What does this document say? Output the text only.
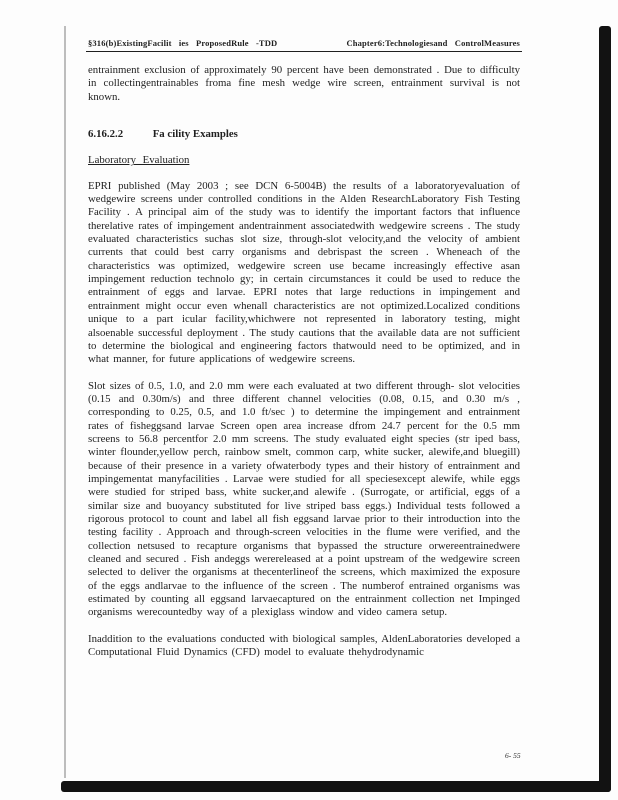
§316(b)ExistingFacilit ies ProposedRule -TDD	Chapter6:Technologiesand ControlMeasures

entrainment exclusion of approximately 90 percent have been demonstrated . Due to difficulty in collectingentrainables froma fine mesh wedge wire screen, entrainment survival is not known.

6.16.2.2	Fa cility Examples
Laboratory Evaluation

EPRI published (May 2003 ; see DCN 6-5004B) the results of a laboratoryevaluation of wedgewire screens under controlled conditions in the Alden ResearchLaboratory Fish Testing Facility . A principal aim of the study was to identify the important factors that influence therelative rates of impingement andentrainment associatedwith wedgewire screens . The study evaluated characteristics suchas slot size, through-slot velocity,and the velocity of ambient currents that could best carry organisms and debrispast the screen . Wheneach of the characteristics was optimized, wedgewire screen use became increasingly effective asan impingement reduction technolo gy; in certain circumstances it could be used to reduce the entrainment of eggs and larvae. EPRI notes that large reductions in impingement and entrainment might occur even whenall characteristics are not optimized.Localized conditions unique to a part icular facility,whichwere not represented in laboratory testing, might alsoenable successful deployment . The study cautions that the available data are not sufficient to determine the biological and engineering factors thatwould need to be optimized, and in what manner, for future applications of wedgewire screens.

Slot sizes of 0.5, 1.0, and 2.0 mm were each evaluated at two different through- slot velocities (0.15 and 0.30m/s) and three different channel velocities (0.08, 0.15, and 0.30 m/s , corresponding to 0.25, 0.5, and 1.0 ft/sec ) to determine the impingement and entrainment rates of fisheggsand larvae Screen open area increase dfrom 24.7 percent for the 0.5 mm screens to 56.8 percentfor 2.0 mm screens. The study evaluated eight species (str iped bass, winter flounder,yellow perch, rainbow smelt, common carp, white sucker, alewife,and bluegill) because of their presence in a variety ofwaterbody types and their history of entrainment and impingementat manyfacilities . Larvae were studied for all speciesexcept alewife, while eggs were studied for striped bass, white sucker,and alewife . (Surrogate, or artificial, eggs of a similar size and buoyancy substituted for live striped bass eggs.) Individual tests followed a rigorous protocol to count and label all fish eggsand larvae prior to their introduction into the testing facility . Approach and through-screen velocities in the flume were verified, and the collection netsused to recapture organisms that bypassed the structure orwereentrainedwere cleaned and secured . Fish andeggs werereleased at a point upstream of the wedgewire screen selected to deliver the organisms at thecenterlineof the screens, which maximized the exposure of the eggs andlarvae to the influence of the screen . The numberof entrained organisms was estimated by counting all eggsand larvaecaptured on the entrainment collection net Impinged organisms werecountedby way of a plexiglass window and video camera setup.

Inaddition to the evaluations conducted with biological samples, AldenLaboratories developed a Computational Fluid Dynamics (CFD) model to evaluate thehydrodynamic

6- 55
